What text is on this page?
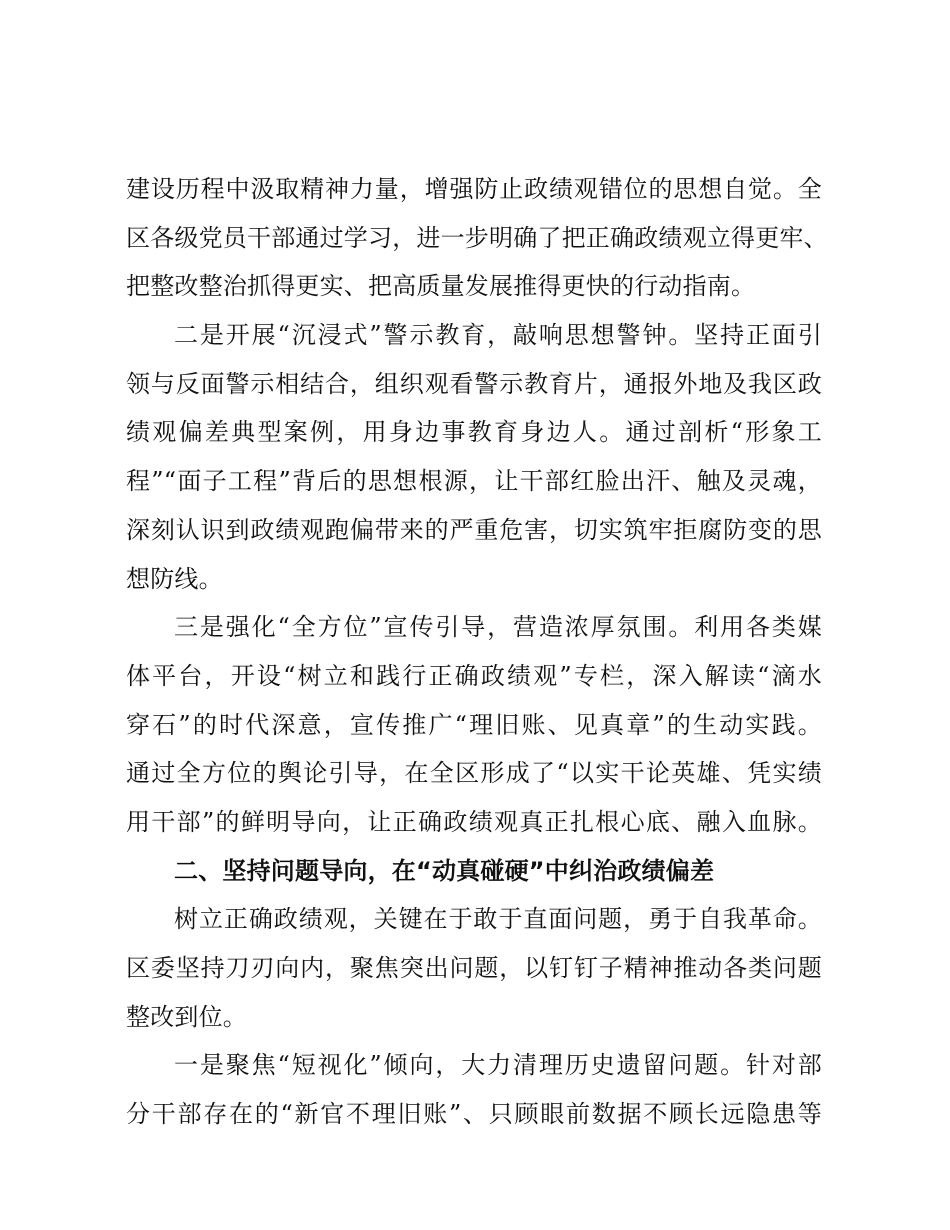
建设历程中汲取精神力量，增强防止政绩观错位的思想自觉。全
区各级党员干部通过学习，进一步明确了把正确政绩观立得更牢、
把整改整治抓得更实、把高质量发展推得更快的行动指南。
二是开展“沉浸式”警示教育，敲响思想警钟。坚持正面引
领与反面警示相结合，组织观看警示教育片，通报外地及我区政
绩观偏差典型案例，用身边事教育身边人。通过剖析“形象工
程”“面子工程”背后的思想根源，让干部红脸出汗、触及灵魂，
深刻认识到政绩观跑偏带来的严重危害，切实筑牢拒腐防变的思
想防线。
三是强化“全方位”宣传引导，营造浓厚氛围。利用各类媒
体平台，开设“树立和践行正确政绩观”专栏，深入解读“滴水
穿石”的时代深意，宣传推广“理旧账、见真章”的生动实践。
通过全方位的舆论引导，在全区形成了“以实干论英雄、凭实绩
用干部”的鲜明导向，让正确政绩观真正扎根心底、融入血脉。
二、坚持问题导向，在“动真碰硬”中纠治政绩偏差
树立正确政绩观，关键在于敢于直面问题，勇于自我革命。
区委坚持刀刃向内，聚焦突出问题，以钉钉子精神推动各类问题
整改到位。
一是聚焦“短视化”倾向，大力清理历史遗留问题。针对部
分干部存在的“新官不理旧账”、只顾眼前数据不顾长远隐患等
